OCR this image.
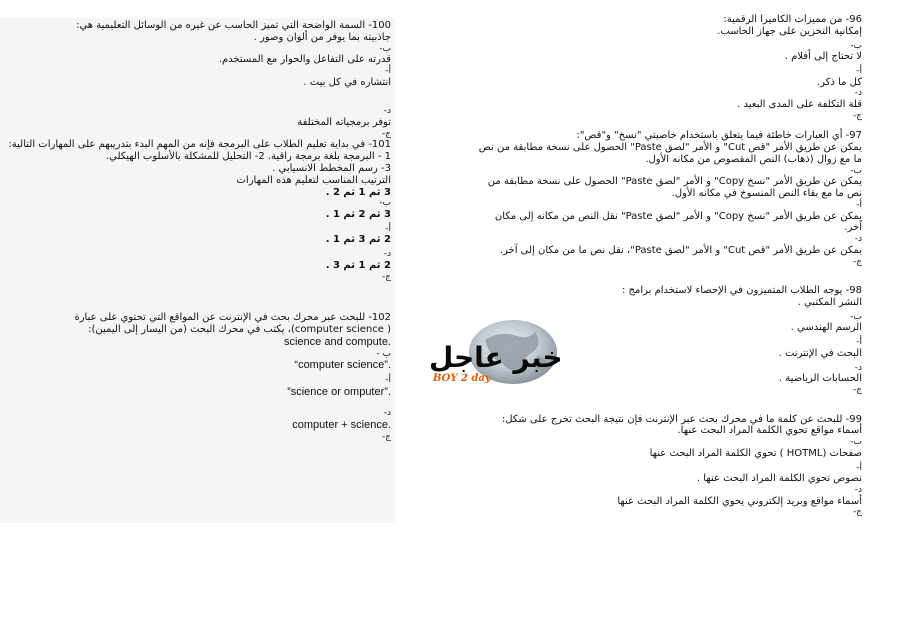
100- السمة الواضحة التي تميز الحاسب عن غيره من الوسائل التعليمية هي:

جاذبيته بما يوفر من ألوان وصور .

ب-

قدرته على التفاعل والحوار مع المستخدم.

أ-

انتشاره في كل بيت .

د-

توفر برمجياته المختلفة

ج-

101- في بداية تعليم الطلاب على البرمجة فإنه من المهم البدء بتدريبهم على المهارات التالية:

1 - البرمجة بلغة برمجة راقية. 2- التحليل للمشكلة بالأسلوب الهيكلي.

3- رسم المخطط الانسيابي .

الترتيب المناسب لتعليم هذه المهارات

3 ثم 1 ثم 2 .

ب-

3 ثم 2 ثم 1 .

أ-

2 ثم 3 ثم 1 .

د-

2 ثم 1 ثم 3 .

ج-

102- للبحث عبر محرك بحث في الإنترنت عن المواقع التي تحتوي على عبارة

( computer science)، يكتب في محرك البحث (من اليسار إلى اليمين):

science and compute.

ب -

“computer science”.

أ-

”science or omputer”.

د-

computer + science.

ج-

96- من مميزات الكاميرا الرقمية:

إمكانية التخزين على جهاز الحاسب.

ب-

لا تحتاج إلى أفلام .

أ-

كل ما ذكر.

د-

قلة التكلفة على المدى البعيد .

ج-

97- أي العبارات خاطئة فيما يتعلق باستخدام خاصيتي "نسخ" و"قص":

يمكن عن طريق الأمر "قص Cut" و الأمر "لصق Paste" الحصول على نسخة مطابقة من نص ما مع زوال (ذهاب) النص المقصوص من مكانه الأول.

ب-

يمكن عن طريق الأمر "نسخ Copy" و الأمر "لصق Paste" الحصول على نسخة مطابقة من نص ما مع بقاء النص المنسوخ في مكانه الأول.

أ-

يمكن عن طريق الأمر "نسخ Copy" و الأمر "لصق Paste" نقل النص من مكانه إلى مكان آخر.

د-

يمكن عن طريق الأمر "قص Cut" و الأمر "لصق Paste"، نقل نص ما من مكان إلى آخر.

ج-

98- يوجه الطلاب المتميزون في الإحصاء لاستخدام برامج :

النشر المكتبي .

ب-

الرسم الهندسي .

أ-

البحث في الإنترنت .

د-

الحسابات الرياضية .

ج-

99- للبحث عن كلمة ما في محرك بحث عبر الإنترنت فإن نتيجة البحث تخرج على شكل:

أسماء مواقع تحوي الكلمة المراد البحث عنها.

ب-

صفحات (HOTML ) تحوي الكلمة المراد البحث عنها

أ-

نصوص تحوي الكلمة المراد البحث عنها .

د-

أسماء مواقع وبريد إلكتروني يحوي الكلمة المراد البحث عنها

ج-

خبر عاجل
BOY 2 day
